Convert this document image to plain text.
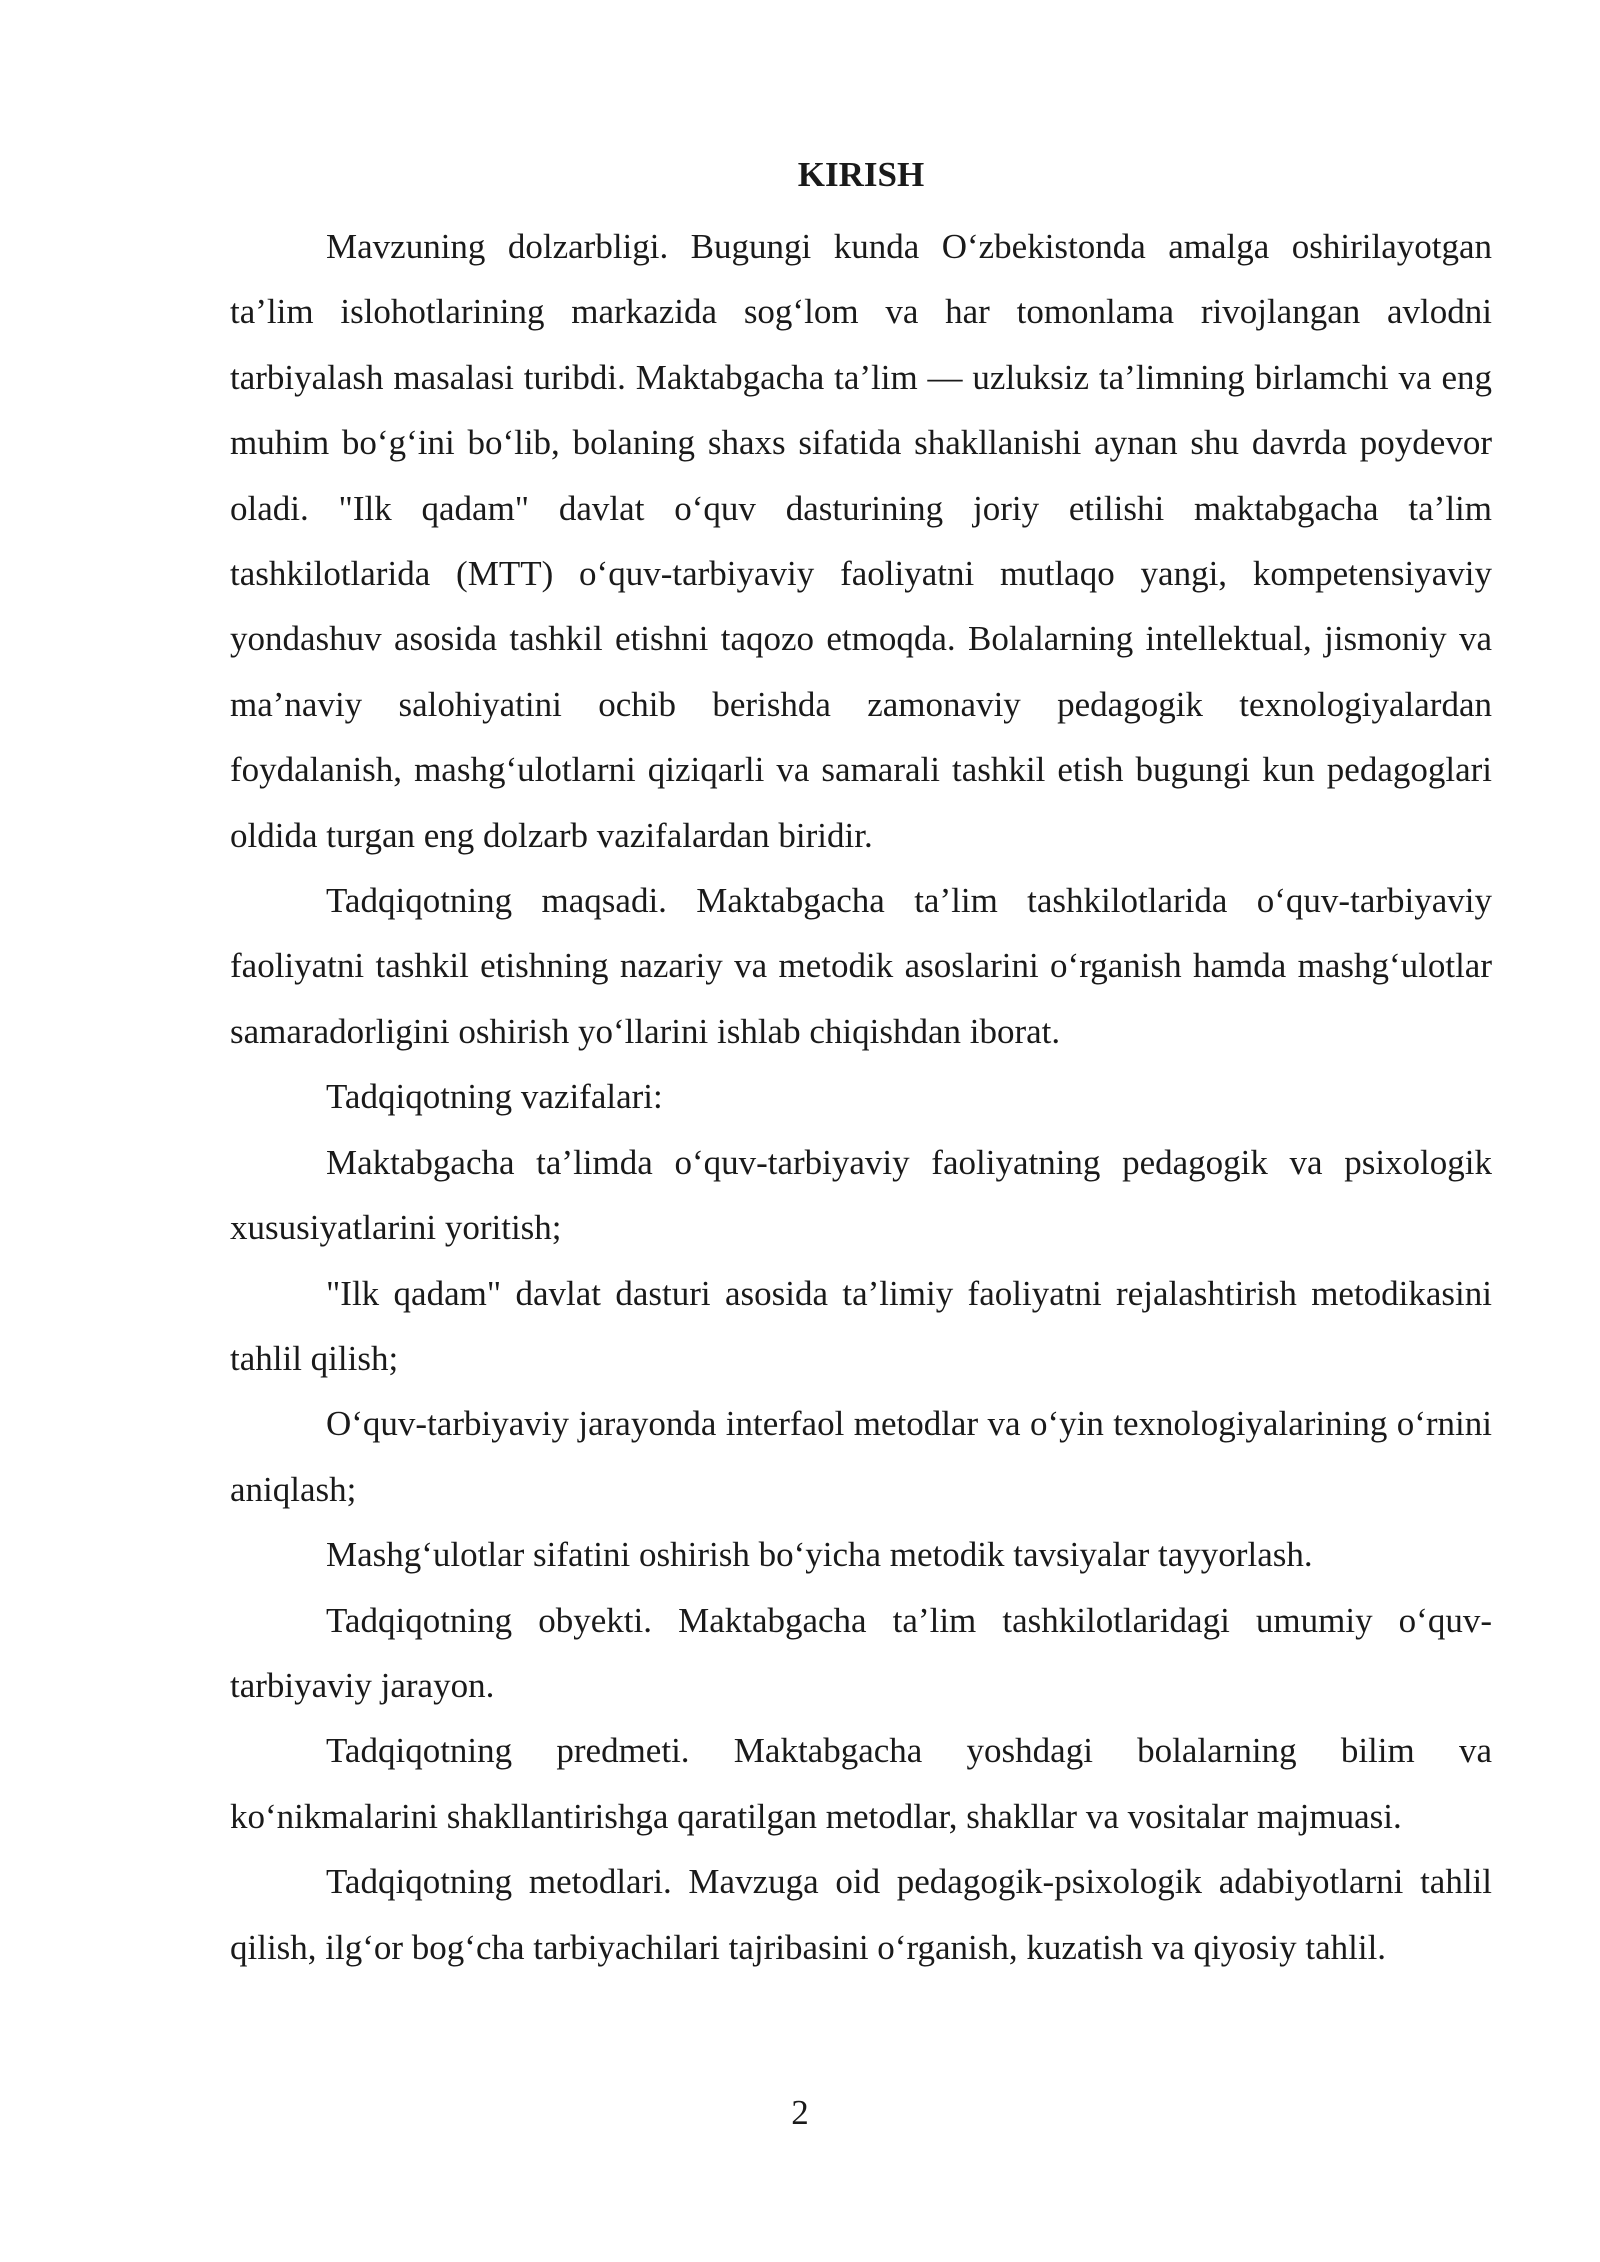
KIRISH

Mavzuning dolzarbligi. Bugungi kunda O‘zbekistonda amalga oshirilayotgan ta’lim islohotlarining markazida sog‘lom va har tomonlama rivojlangan avlodni tarbiyalash masalasi turibdi. Maktabgacha ta’lim — uzluksiz ta’limning birlamchi va eng muhim bo‘g‘ini bo‘lib, bolaning shaxs sifatida shakllanishi aynan shu davrda poydevor oladi. "Ilk qadam" davlat o‘quv dasturining joriy etilishi maktabgacha ta’lim tashkilotlarida (MTT) o‘quv-tarbiyaviy faoliyatni mutlaqo yangi, kompetensiyaviy yondashuv asosida tashkil etishni taqozo etmoqda. Bolalarning intellektual, jismoniy va ma’naviy salohiyatini ochib berishda zamonaviy pedagogik texnologiyalardan foydalanish, mashg‘ulotlarni qiziqarli va samarali tashkil etish bugungi kun pedagoglari oldida turgan eng dolzarb vazifalardan biridir.

Tadqiqotning maqsadi. Maktabgacha ta’lim tashkilotlarida o‘quv-tarbiyaviy faoliyatni tashkil etishning nazariy va metodik asoslarini o‘rganish hamda mashg‘ulotlar samaradorligini oshirish yo‘llarini ishlab chiqishdan iborat.

Tadqiqotning vazifalari:

Maktabgacha ta’limda o‘quv-tarbiyaviy faoliyatning pedagogik va psixologik xususiyatlarini yoritish;

"Ilk qadam" davlat dasturi asosida ta’limiy faoliyatni rejalashtirish metodikasini tahlil qilish;

O‘quv-tarbiyaviy jarayonda interfaol metodlar va o‘yin texnologiyalarining o‘rnini aniqlash;

Mashg‘ulotlar sifatini oshirish bo‘yicha metodik tavsiyalar tayyorlash.

Tadqiqotning obyekti. Maktabgacha ta’lim tashkilotlaridagi umumiy o‘quv-tarbiyaviy jarayon.

Tadqiqotning predmeti. Maktabgacha yoshdagi bolalarning bilim va ko‘nikmalarini shakllantirishga qaratilgan metodlar, shakllar va vositalar majmuasi.

Tadqiqotning metodlari. Mavzuga oid pedagogik-psixologik adabiyotlarni tahlil qilish, ilg‘or bog‘cha tarbiyachilari tajribasini o‘rganish, kuzatish va qiyosiy tahlil.

2
